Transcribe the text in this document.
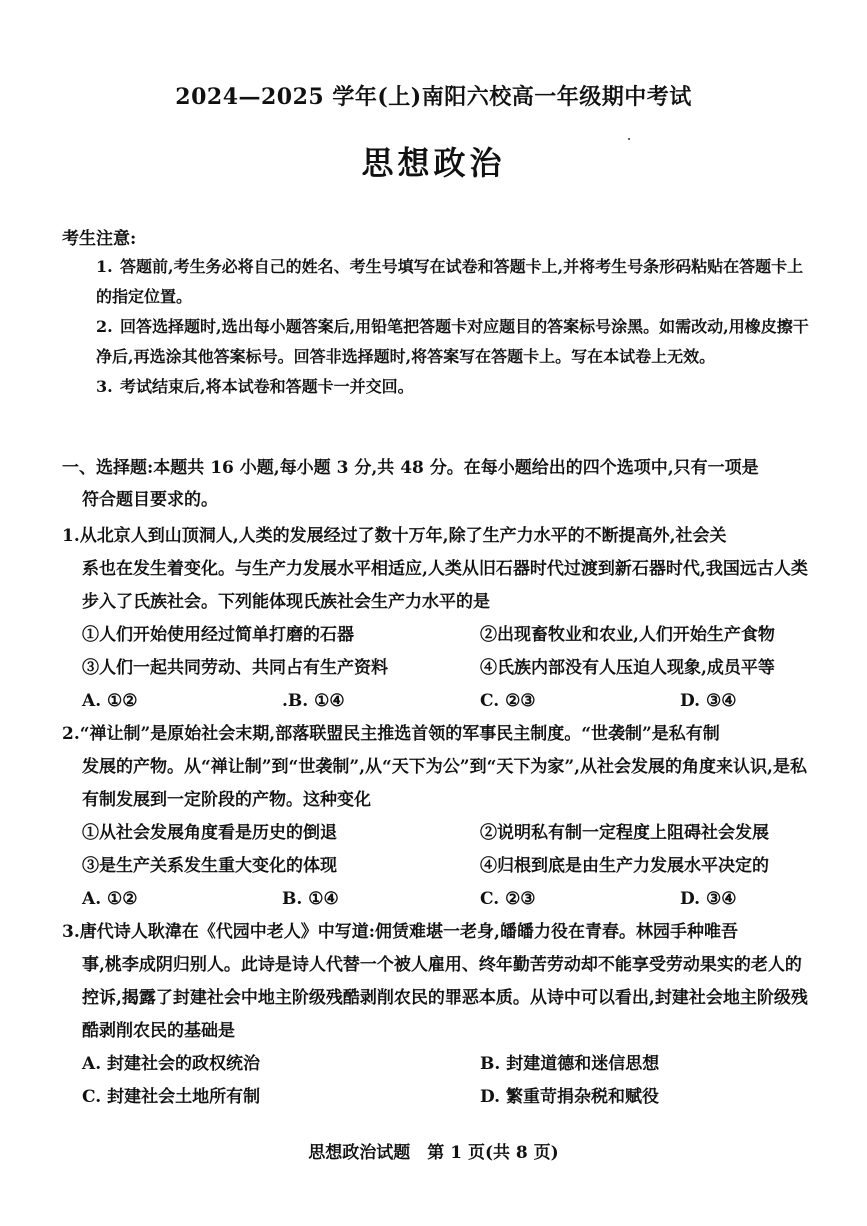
2024—2025 学年(上)南阳六校高一年级期中考试
思想政治
考生注意:
1. 答题前,考生务必将自己的姓名、考生号填写在试卷和答题卡上,并将考生号条形码粘贴在答题卡上的指定位置。
2. 回答选择题时,选出每小题答案后,用铅笔把答题卡对应题目的答案标号涂黑。如需改动,用橡皮擦干净后,再选涂其他答案标号。回答非选择题时,将答案写在答题卡上。写在本试卷上无效。
3. 考试结束后,将本试卷和答题卡一并交回。
一、选择题:本题共 16 小题,每小题 3 分,共 48 分。在每小题给出的四个选项中,只有一项是
符合题目要求的。
1.从北京人到山顶洞人,人类的发展经过了数十万年,除了生产力水平的不断提高外,社会关
系也在发生着变化。与生产力发展水平相适应,人类从旧石器时代过渡到新石器时代,我国远古人类步入了氏族社会。下列能体现氏族社会生产力水平的是
①人们开始使用经过简单打磨的石器	②出现畜牧业和农业,人们开始生产食物
③人们一起共同劳动、共同占有生产资料	④氏族内部没有人压迫人现象,成员平等
A. ①②	.B. ①④	C. ②③	D. ③④
2.“禅让制”是原始社会末期,部落联盟民主推选首领的军事民主制度。“世袭制”是私有制
发展的产物。从“禅让制”到“世袭制”,从“天下为公”到“天下为家”,从社会发展的角度来认识,是私有制发展到一定阶段的产物。这种变化
①从社会发展角度看是历史的倒退	②说明私有制一定程度上阻碍社会发展
③是生产关系发生重大变化的体现	④归根到底是由生产力发展水平决定的
A. ①②	B. ①④	C. ②③	D. ③④
3.唐代诗人耿湋在《代园中老人》中写道:佣赁难堪一老身,皤皤力役在青春。林园手种唯吾
事,桃李成阴归别人。此诗是诗人代替一个被人雇用、终年勤苦劳动却不能享受劳动果实的老人的控诉,揭露了封建社会中地主阶级残酷剥削农民的罪恶本质。从诗中可以看出,封建社会地主阶级残酷剥削农民的基础是
A. 封建社会的政权统治	B. 封建道德和迷信思想
C. 封建社会土地所有制	D. 繁重苛捐杂税和赋役
思想政治试题　第 1 页(共 8 页)
